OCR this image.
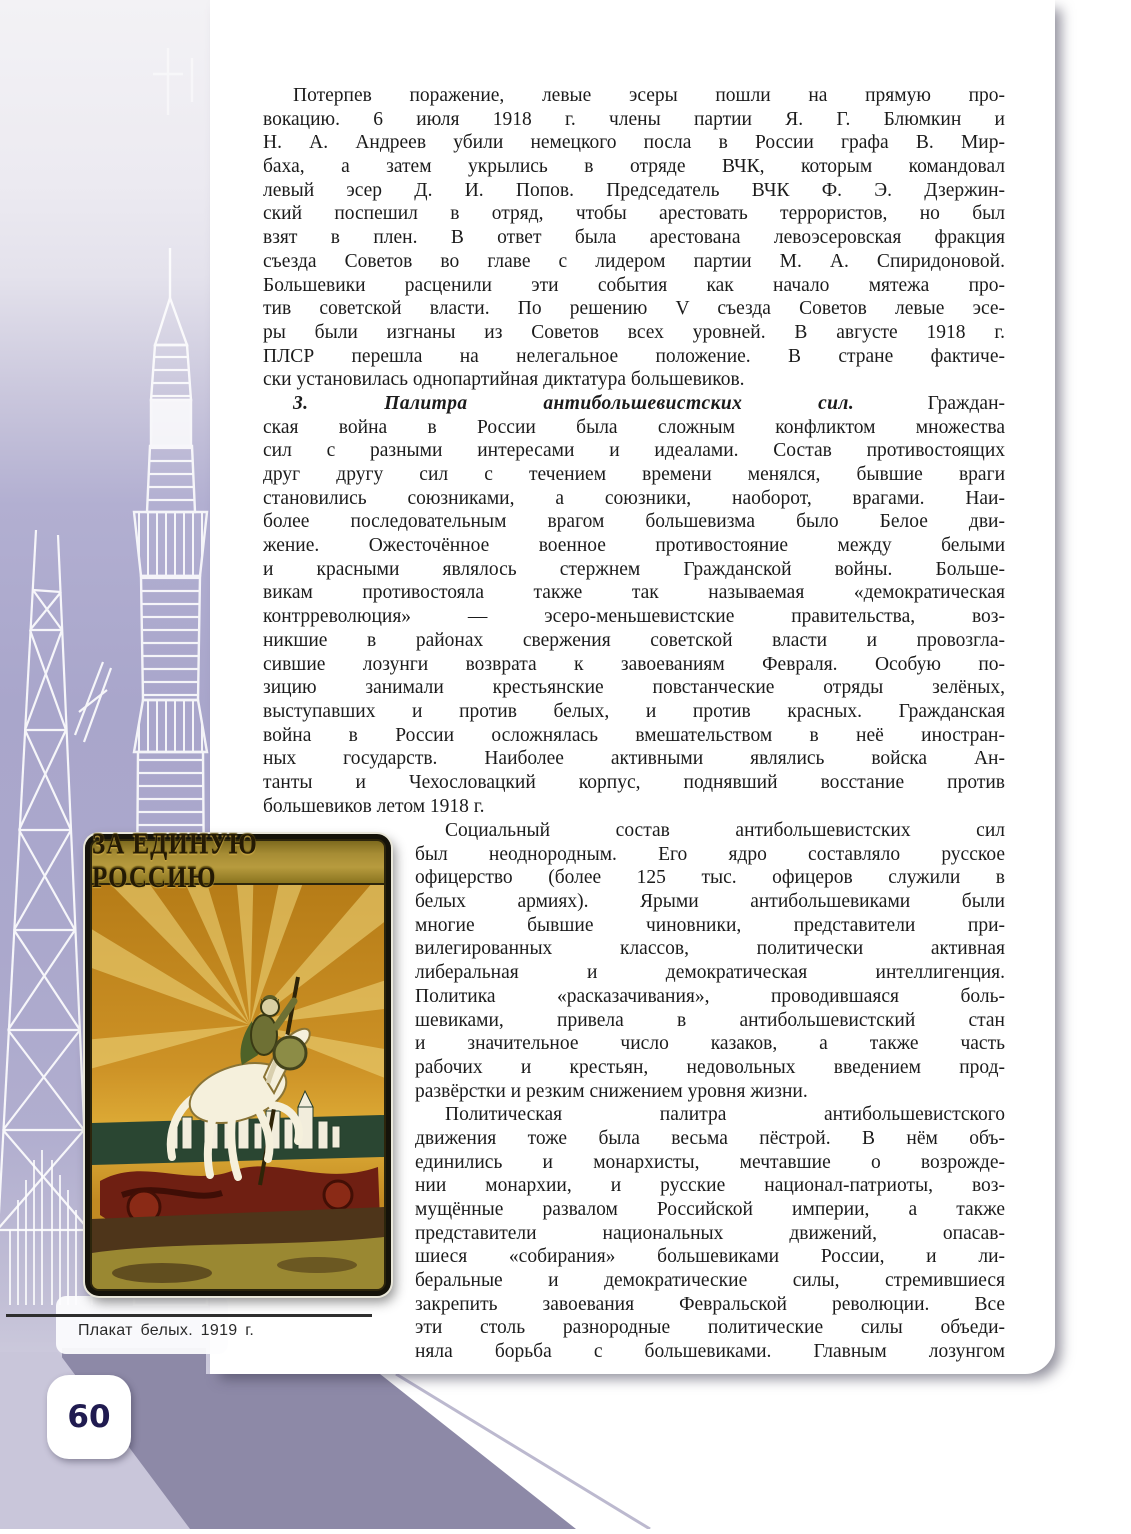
ЗА ЕДИНУЮ РОССИЮ
Потерпев поражение, левые эсеры пошли на прямую про-
вокацию. 6 июля 1918 г. члены партии Я. Г. Блюмкин и
Н. А. Андреев убили немецкого посла в России графа В. Мир-
баха, а затем укрылись в отряде ВЧК, которым командовал
левый эсер Д. И. Попов. Председатель ВЧК Ф. Э. Дзержин-
ский поспешил в отряд, чтобы арестовать террористов, но был
взят в плен. В ответ была арестована левоэсеровская фракция
съезда Советов во главе с лидером партии М. А. Спиридоновой.
Большевики расценили эти события как начало мятежа про-
тив советской власти. По решению V съезда Советов левые эсе-
ры были изгнаны из Советов всех уровней. В августе 1918 г.
ПЛСР перешла на нелегальное положение. В стране фактиче-
ски установилась однопартийная диктатура большевиков.
3. Палитра антибольшевистских сил. Граждан-
ская война в России была сложным конфликтом множества
сил с разными интересами и идеалами. Состав противостоящих
друг другу сил с течением времени менялся, бывшие враги
становились союзниками, а союзники, наоборот, врагами. Наи-
более последовательным врагом большевизма было Белое дви-
жение. Ожесточённое военное противостояние между белыми
и красными являлось стержнем Гражданской войны. Больше-
викам противостояла также так называемая «демократическая
контрреволюция» — эсеро-меньшевистские правительства, воз-
никшие в районах свержения советской власти и провозгла-
сившие лозунги возврата к завоеваниям Февраля. Особую по-
зицию занимали крестьянские повстанческие отряды зелёных,
выступавших и против белых, и против красных. Гражданская
война в России осложнялась вмешательством в неё иностран-
ных государств. Наиболее активными являлись войска Ан-
танты и Чехословацкий корпус, поднявший восстание против
большевиков летом 1918 г.
Социальный состав антибольшевистских сил
был неоднородным. Его ядро составляло русское
офицерство (более 125 тыс. офицеров служили в
белых армиях). Ярыми антибольшевиками были
многие бывшие чиновники, представители при-
вилегированных классов, политически активная
либеральная и демократическая интеллигенция.
Политика «расказачивания», проводившаяся боль-
шевиками, привела в антибольшевистский стан
и значительное число казаков, а также часть
рабочих и крестьян, недовольных введением прод-
развёрстки и резким снижением уровня жизни.
Политическая палитра антибольшевистского
движения тоже была весьма пёстрой. В нём объ-
единились и монархисты, мечтавшие о возрожде-
нии монархии, и русские национал-патриоты, воз-
мущённые развалом Российской империи, а также
представители национальных движений, опасав-
шиеся «собирания» большевиками России, и ли-
беральные и демократические силы, стремившиеся
закрепить завоевания Февральской революции. Все
эти столь разнородные политические силы объеди-
няла борьба с большевиками. Главным лозунгом
Плакат белых. 1919 г.
60
